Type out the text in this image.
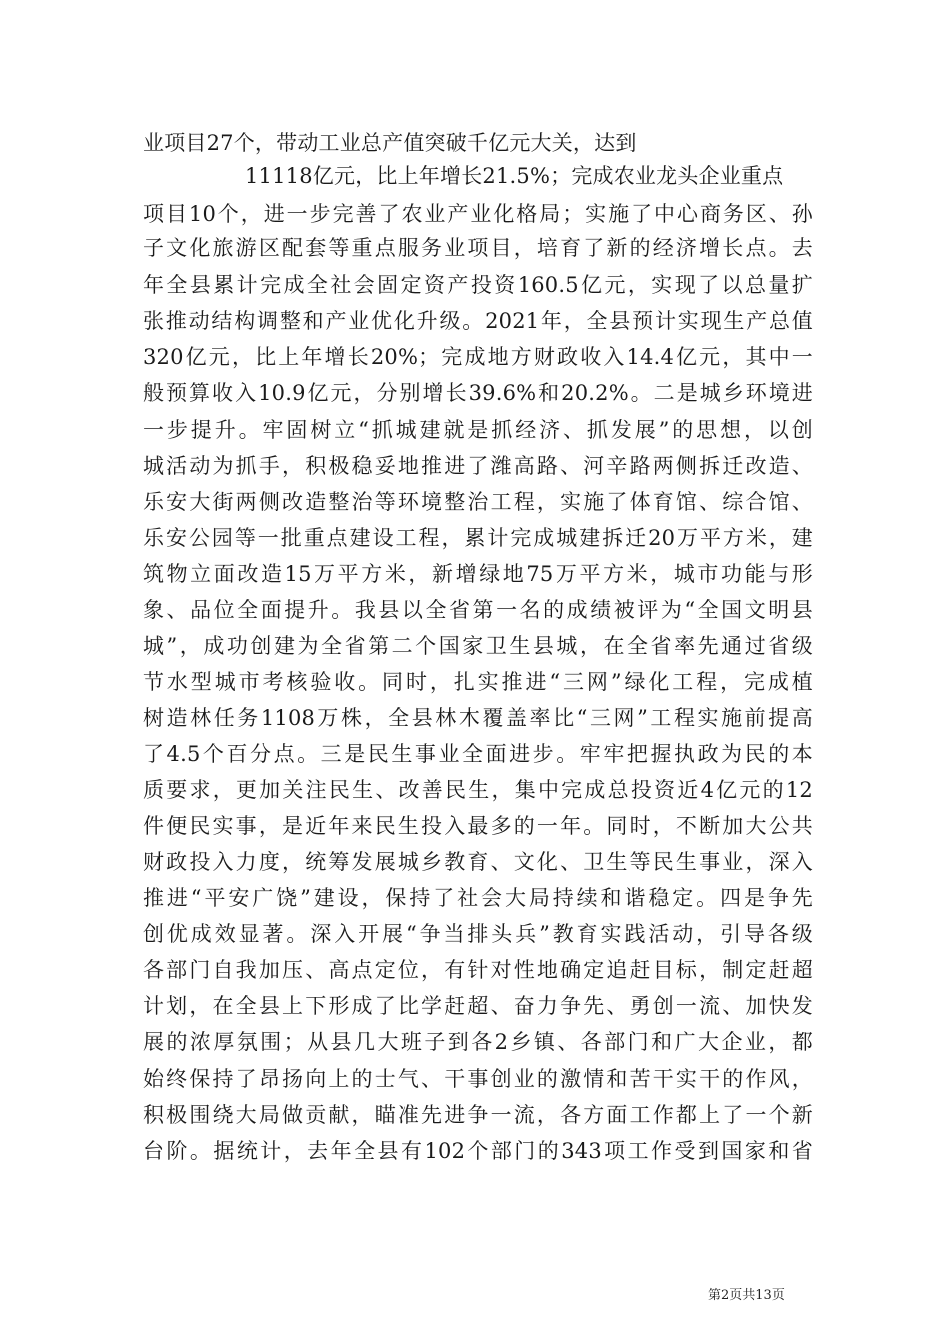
业项目27个，带动工业总产值突破千亿元大关，达到
11118亿元，比上年增长21.5%；完成农业龙头企业重点
项目10个，进一步完善了农业产业化格局；实施了中心商务区、孙
子文化旅游区配套等重点服务业项目，培育了新的经济增长点。去
年全县累计完成全社会固定资产投资160.5亿元，实现了以总量扩
张推动结构调整和产业优化升级。2021年，全县预计实现生产总值
320亿元，比上年增长20%；完成地方财政收入14.4亿元，其中一
般预算收入10.9亿元，分别增长39.6%和20.2%。二是城乡环境进
一步提升。牢固树立“抓城建就是抓经济、抓发展”的思想，以创
城活动为抓手，积极稳妥地推进了潍高路、河辛路两侧拆迁改造、
乐安大街两侧改造整治等环境整治工程，实施了体育馆、综合馆、
乐安公园等一批重点建设工程，累计完成城建拆迁20万平方米，建
筑物立面改造15万平方米，新增绿地75万平方米，城市功能与形
象、品位全面提升。我县以全省第一名的成绩被评为“全国文明县
城”，成功创建为全省第二个国家卫生县城，在全省率先通过省级
节水型城市考核验收。同时，扎实推进“三网”绿化工程，完成植
树造林任务1108万株，全县林木覆盖率比“三网”工程实施前提高
了4.5个百分点。三是民生事业全面进步。牢牢把握执政为民的本
质要求，更加关注民生、改善民生，集中完成总投资近4亿元的12
件便民实事，是近年来民生投入最多的一年。同时，不断加大公共
财政投入力度，统筹发展城乡教育、文化、卫生等民生事业，深入
推进“平安广饶”建设，保持了社会大局持续和谐稳定。四是争先
创优成效显著。深入开展“争当排头兵”教育实践活动，引导各级
各部门自我加压、高点定位，有针对性地确定追赶目标，制定赶超
计划，在全县上下形成了比学赶超、奋力争先、勇创一流、加快发
展的浓厚氛围；从县几大班子到各2乡镇、各部门和广大企业，都
始终保持了昂扬向上的士气、干事创业的激情和苦干实干的作风，
积极围绕大局做贡献，瞄准先进争一流，各方面工作都上了一个新
台阶。据统计，去年全县有102个部门的343项工作受到国家和省
第2页共13页
